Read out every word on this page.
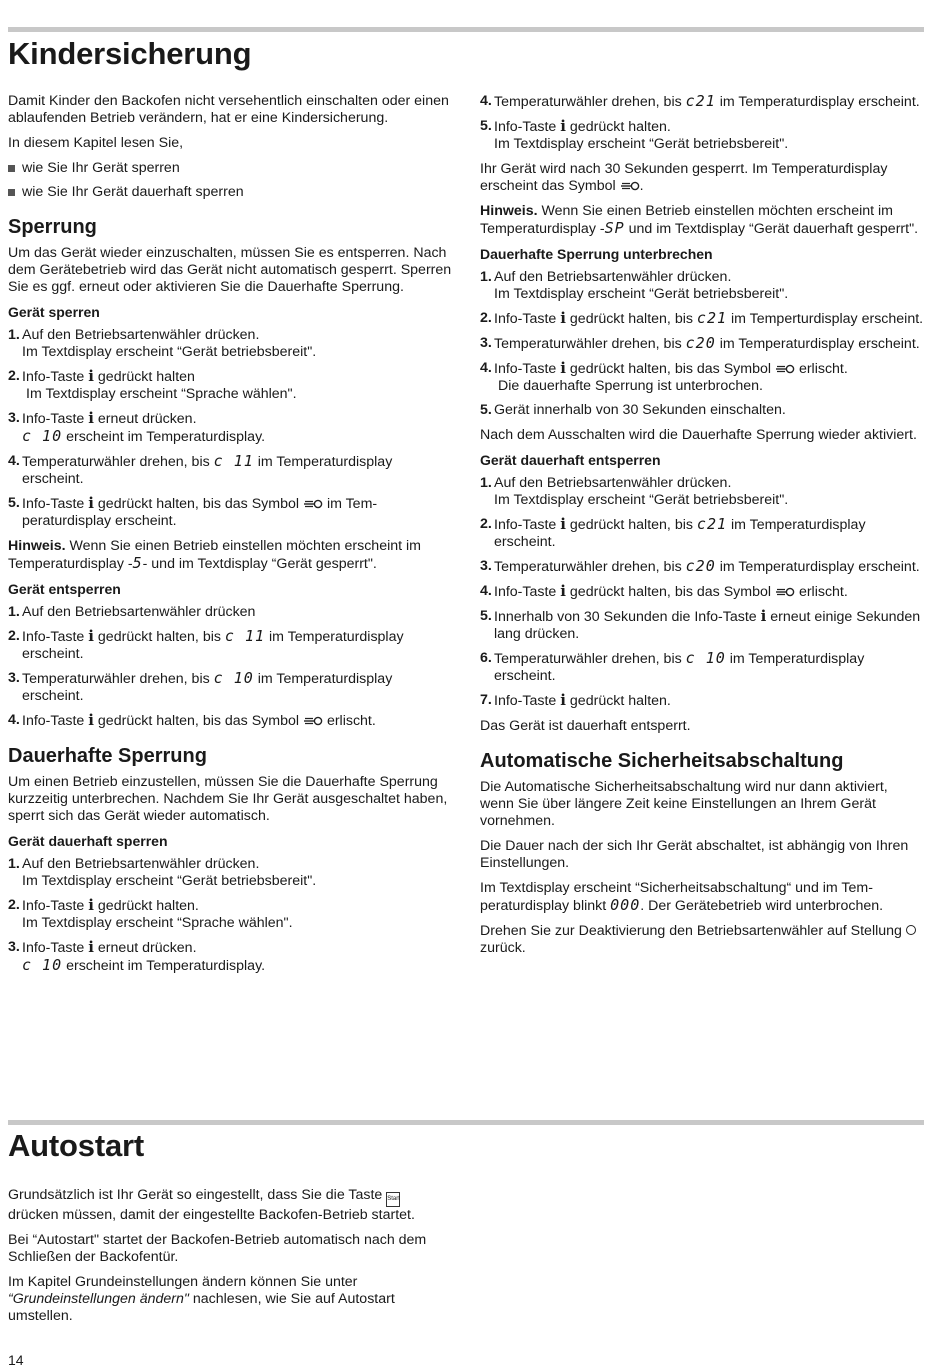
Kindersicherung

Damit Kinder den Backofen nicht versehentlich einschalten oder einen ablaufenden Betrieb verändern, hat er eine Kindersicherung.

In diesem Kapitel lesen Sie,

wie Sie Ihr Gerät sperren
wie Sie Ihr Gerät dauerhaft sperren
Sperrung

Um das Gerät wieder einzuschalten, müssen Sie es entsperren. Nach dem Gerätebetrieb wird das Gerät nicht automatisch gesperrt. Sperren Sie es ggf. erneut oder aktivieren Sie die Dauerhafte Sperrung.

Gerät sperren
1. Auf den Betriebsartenwähler drücken.
Im Textdisplay erscheint “Gerät betriebsbereit".
2. Info-Taste i gedrückt halten
Im Textdisplay erscheint “Sprache wählen".
3. Info-Taste i erneut drücken.
c 10 erscheint im Temperaturdisplay.
4. Temperaturwähler drehen, bis c 11 im Temperaturdisplay erscheint.
5. Info-Taste i gedrückt halten, bis das Symbol im Temperaturdisplay erscheint.

Hinweis. Wenn Sie einen Betrieb einstellen möchten erscheint im Temperaturdisplay -5- und im Textdisplay “Gerät gesperrt".

Gerät entsperren
1. Auf den Betriebsartenwähler drücken
2. Info-Taste i gedrückt halten, bis c 11 im Temperaturdisplay erscheint.
3. Temperaturwähler drehen, bis c 10 im Temperaturdisplay erscheint.
4. Info-Taste i gedrückt halten, bis das Symbol erlischt.
Dauerhafte Sperrung

Um einen Betrieb einzustellen, müssen Sie die Dauerhafte Sperrung kurzzeitig unterbrechen. Nachdem Sie Ihr Gerät ausgeschaltet haben, sperrt sich das Gerät wieder automatisch.

Gerät dauerhaft sperren
1. Auf den Betriebsartenwähler drücken.
Im Textdisplay erscheint “Gerät betriebsbereit".
2. Info-Taste i gedrückt halten.
Im Textdisplay erscheint “Sprache wählen".
3. Info-Taste i erneut drücken.
c 10 erscheint im Temperaturdisplay.
4. Temperaturwähler drehen, bis c21 im Temperaturdisplay erscheint.
5. Info-Taste i gedrückt halten.
Im Textdisplay erscheint “Gerät betriebsbereit".

Ihr Gerät wird nach 30 Sekunden gesperrt. Im Temperaturdisplay erscheint das Symbol .

Hinweis. Wenn Sie einen Betrieb einstellen möchten erscheint im Temperaturdisplay -SP und im Textdisplay “Gerät dauerhaft gesperrt".

Dauerhafte Sperrung unterbrechen
1. Auf den Betriebsartenwähler drücken.
Im Textdisplay erscheint “Gerät betriebsbereit".
2. Info-Taste i gedrückt halten, bis c21 im Temperturdisplay erscheint.
3. Temperaturwähler drehen, bis c20 im Temperaturdisplay erscheint.
4. Info-Taste i gedrückt halten, bis das Symbol erlischt.
Die dauerhafte Sperrung ist unterbrochen.
5. Gerät innerhalb von 30 Sekunden einschalten.

Nach dem Ausschalten wird die Dauerhafte Sperrung wieder aktiviert.

Gerät dauerhaft entsperren
1. Auf den Betriebsartenwähler drücken.
Im Textdisplay erscheint “Gerät betriebsbereit".
2. Info-Taste i gedrückt halten, bis c21 im Temperaturdisplay erscheint.
3. Temperaturwähler drehen, bis c20 im Temperaturdisplay erscheint.
4. Info-Taste i gedrückt halten, bis das Symbol erlischt.
5. Innerhalb von 30 Sekunden die Info-Taste i erneut einige Sekunden lang drücken.
6. Temperaturwähler drehen, bis c 10 im Temperaturdisplay erscheint.
7. Info-Taste i gedrückt halten.

Das Gerät ist dauerhaft entsperrt.

Automatische Sicherheitsabschaltung

Die Automatische Sicherheitsabschaltung wird nur dann aktiviert, wenn Sie über längere Zeit keine Einstellungen an Ihrem Gerät vornehmen.

Die Dauer nach der sich Ihr Gerät abschaltet, ist abhängig von Ihren Einstellungen.

Im Textdisplay erscheint “Sicherheitsabschaltung“ und im Temperaturdisplay blinkt 000. Der Gerätebetrieb wird unterbrochen.

Drehen Sie zur Deaktivierung den Betriebsartenwähler auf Stellung  zurück.

Autostart

Grundsätzlich ist Ihr Gerät so eingestellt, dass Sie die Taste Start drücken müssen, damit der eingestellte Backofen-Betrieb startet.

Bei “Autostart" startet der Backofen-Betrieb automatisch nach dem Schließen der Backofentür.

Im Kapitel Grundeinstellungen ändern können Sie unter “Grundeinstellungen ändern" nachlesen, wie Sie auf Autostart umstellen.

14
